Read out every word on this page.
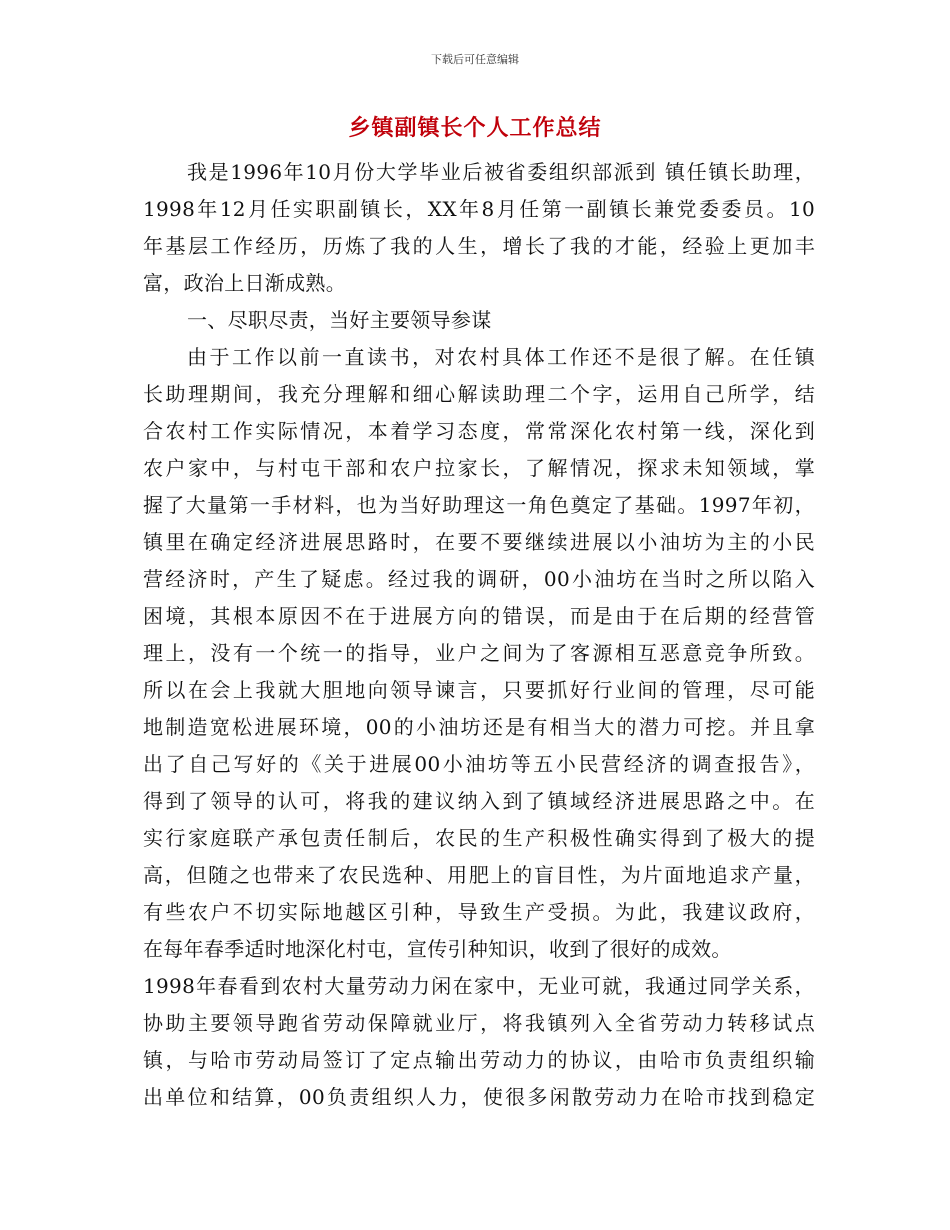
下载后可任意编辑
乡镇副镇长个人工作总结
我是1996年10月份大学毕业后被省委组织部派到 镇任镇长助理，
1998年12月任实职副镇长，XX年8月任第一副镇长兼党委委员。10
年基层工作经历，历炼了我的人生，增长了我的才能，经验上更加丰
富，政治上日渐成熟。
一、尽职尽责，当好主要领导参谋
由于工作以前一直读书，对农村具体工作还不是很了解。在任镇
长助理期间，我充分理解和细心解读助理二个字，运用自己所学，结
合农村工作实际情况，本着学习态度，常常深化农村第一线，深化到
农户家中，与村屯干部和农户拉家长，了解情况，探求未知领域，掌
握了大量第一手材料，也为当好助理这一角色奠定了基础。1997年初，
镇里在确定经济进展思路时，在要不要继续进展以小油坊为主的小民
营经济时，产生了疑虑。经过我的调研，00小油坊在当时之所以陷入
困境，其根本原因不在于进展方向的错误，而是由于在后期的经营管
理上，没有一个统一的指导，业户之间为了客源相互恶意竞争所致。
所以在会上我就大胆地向领导谏言，只要抓好行业间的管理，尽可能
地制造宽松进展环境，00的小油坊还是有相当大的潜力可挖。并且拿
出了自己写好的《关于进展00小油坊等五小民营经济的调查报告》，
得到了领导的认可，将我的建议纳入到了镇域经济进展思路之中。在
实行家庭联产承包责任制后，农民的生产积极性确实得到了极大的提
高，但随之也带来了农民选种、用肥上的盲目性，为片面地追求产量，
有些农户不切实际地越区引种，导致生产受损。为此，我建议政府，
在每年春季适时地深化村屯，宣传引种知识，收到了很好的成效。
1998年春看到农村大量劳动力闲在家中，无业可就，我通过同学关系，
协助主要领导跑省劳动保障就业厅，将我镇列入全省劳动力转移试点
镇，与哈市劳动局签订了定点输出劳动力的协议，由哈市负责组织输
出单位和结算，00负责组织人力，使很多闲散劳动力在哈市找到稳定
